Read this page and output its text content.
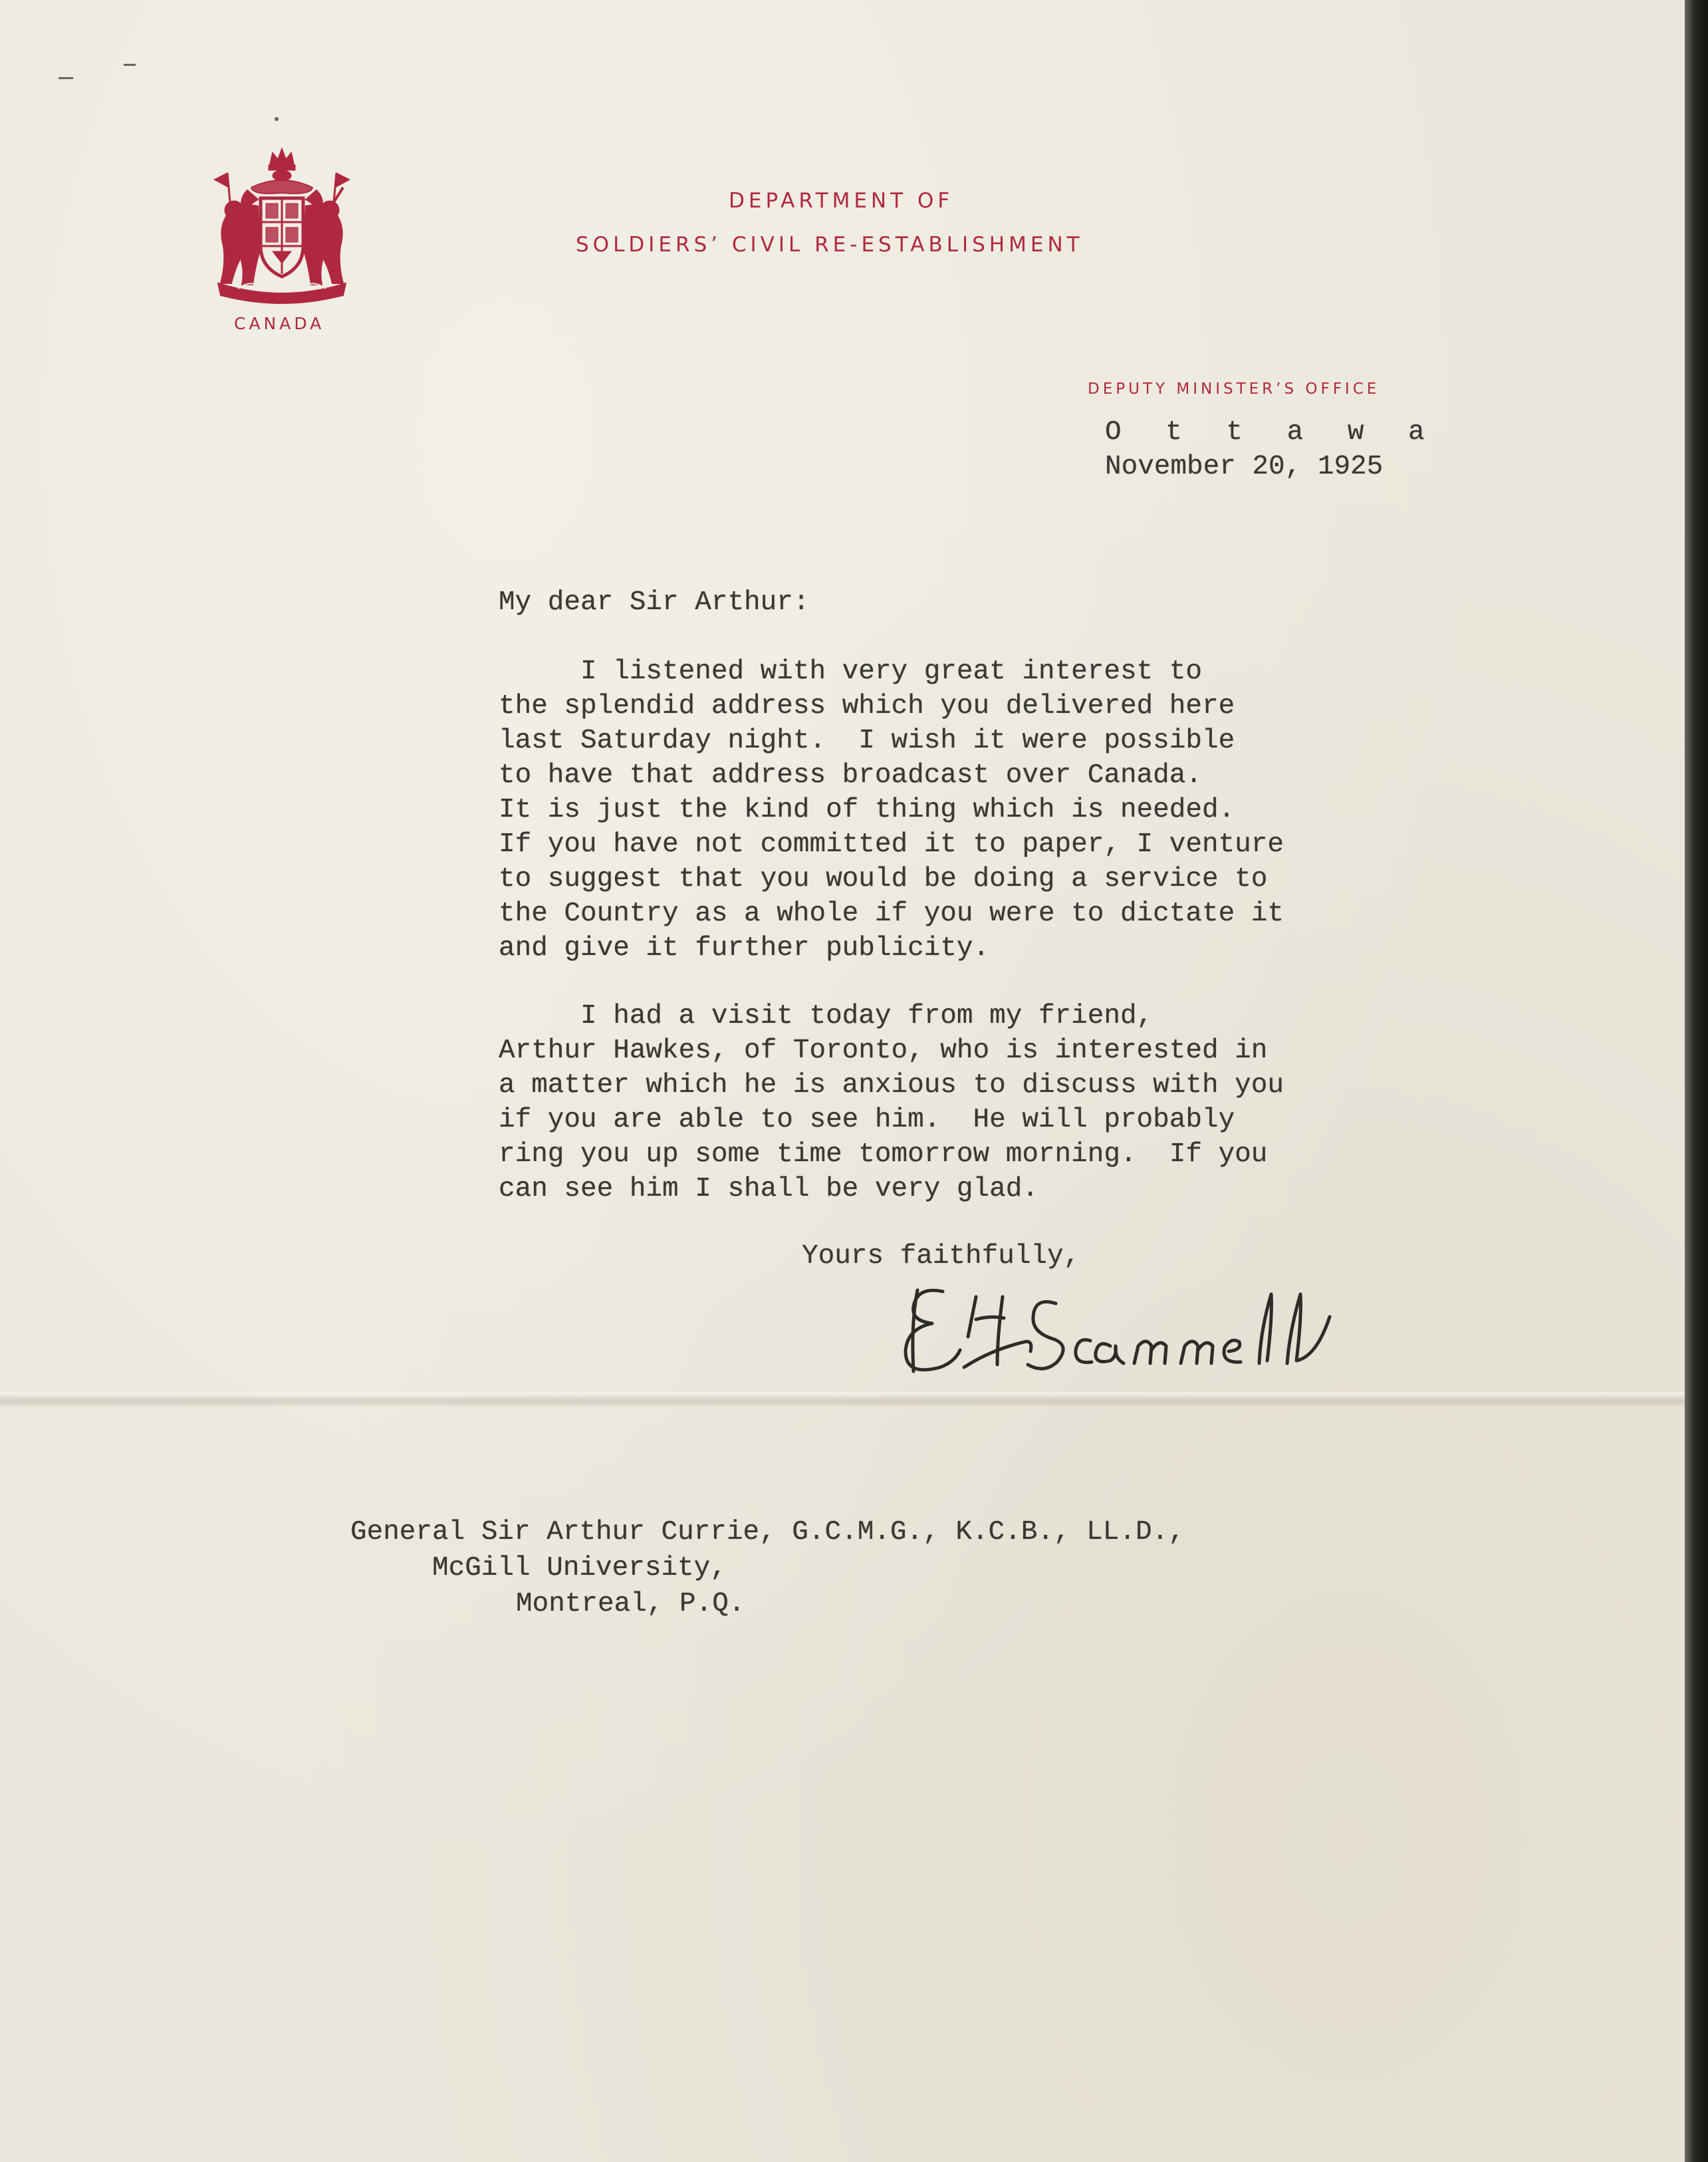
CANADA
DEPARTMENT OF
SOLDIERS’ CIVIL RE-ESTABLISHMENT
DEPUTY MINISTER’S OFFICE
O t t a w a
November 20, 1925
My dear Sir Arthur:
I listened with very great interest to
the splendid address which you delivered here
last Saturday night.  I wish it were possible
to have that address broadcast over Canada.
It is just the kind of thing which is needed.
If you have not committed it to paper, I venture
to suggest that you would be doing a service to
the Country as a whole if you were to dictate it
and give it further publicity.
I had a visit today from my friend,
Arthur Hawkes, of Toronto, who is interested in
a matter which he is anxious to discuss with you
if you are able to see him.  He will probably
ring you up some time tomorrow morning.  If you
can see him I shall be very glad.
Yours faithfully,
General Sir Arthur Currie, G.C.M.G., K.C.B., LL.D.,
McGill University,
Montreal, P.Q.
